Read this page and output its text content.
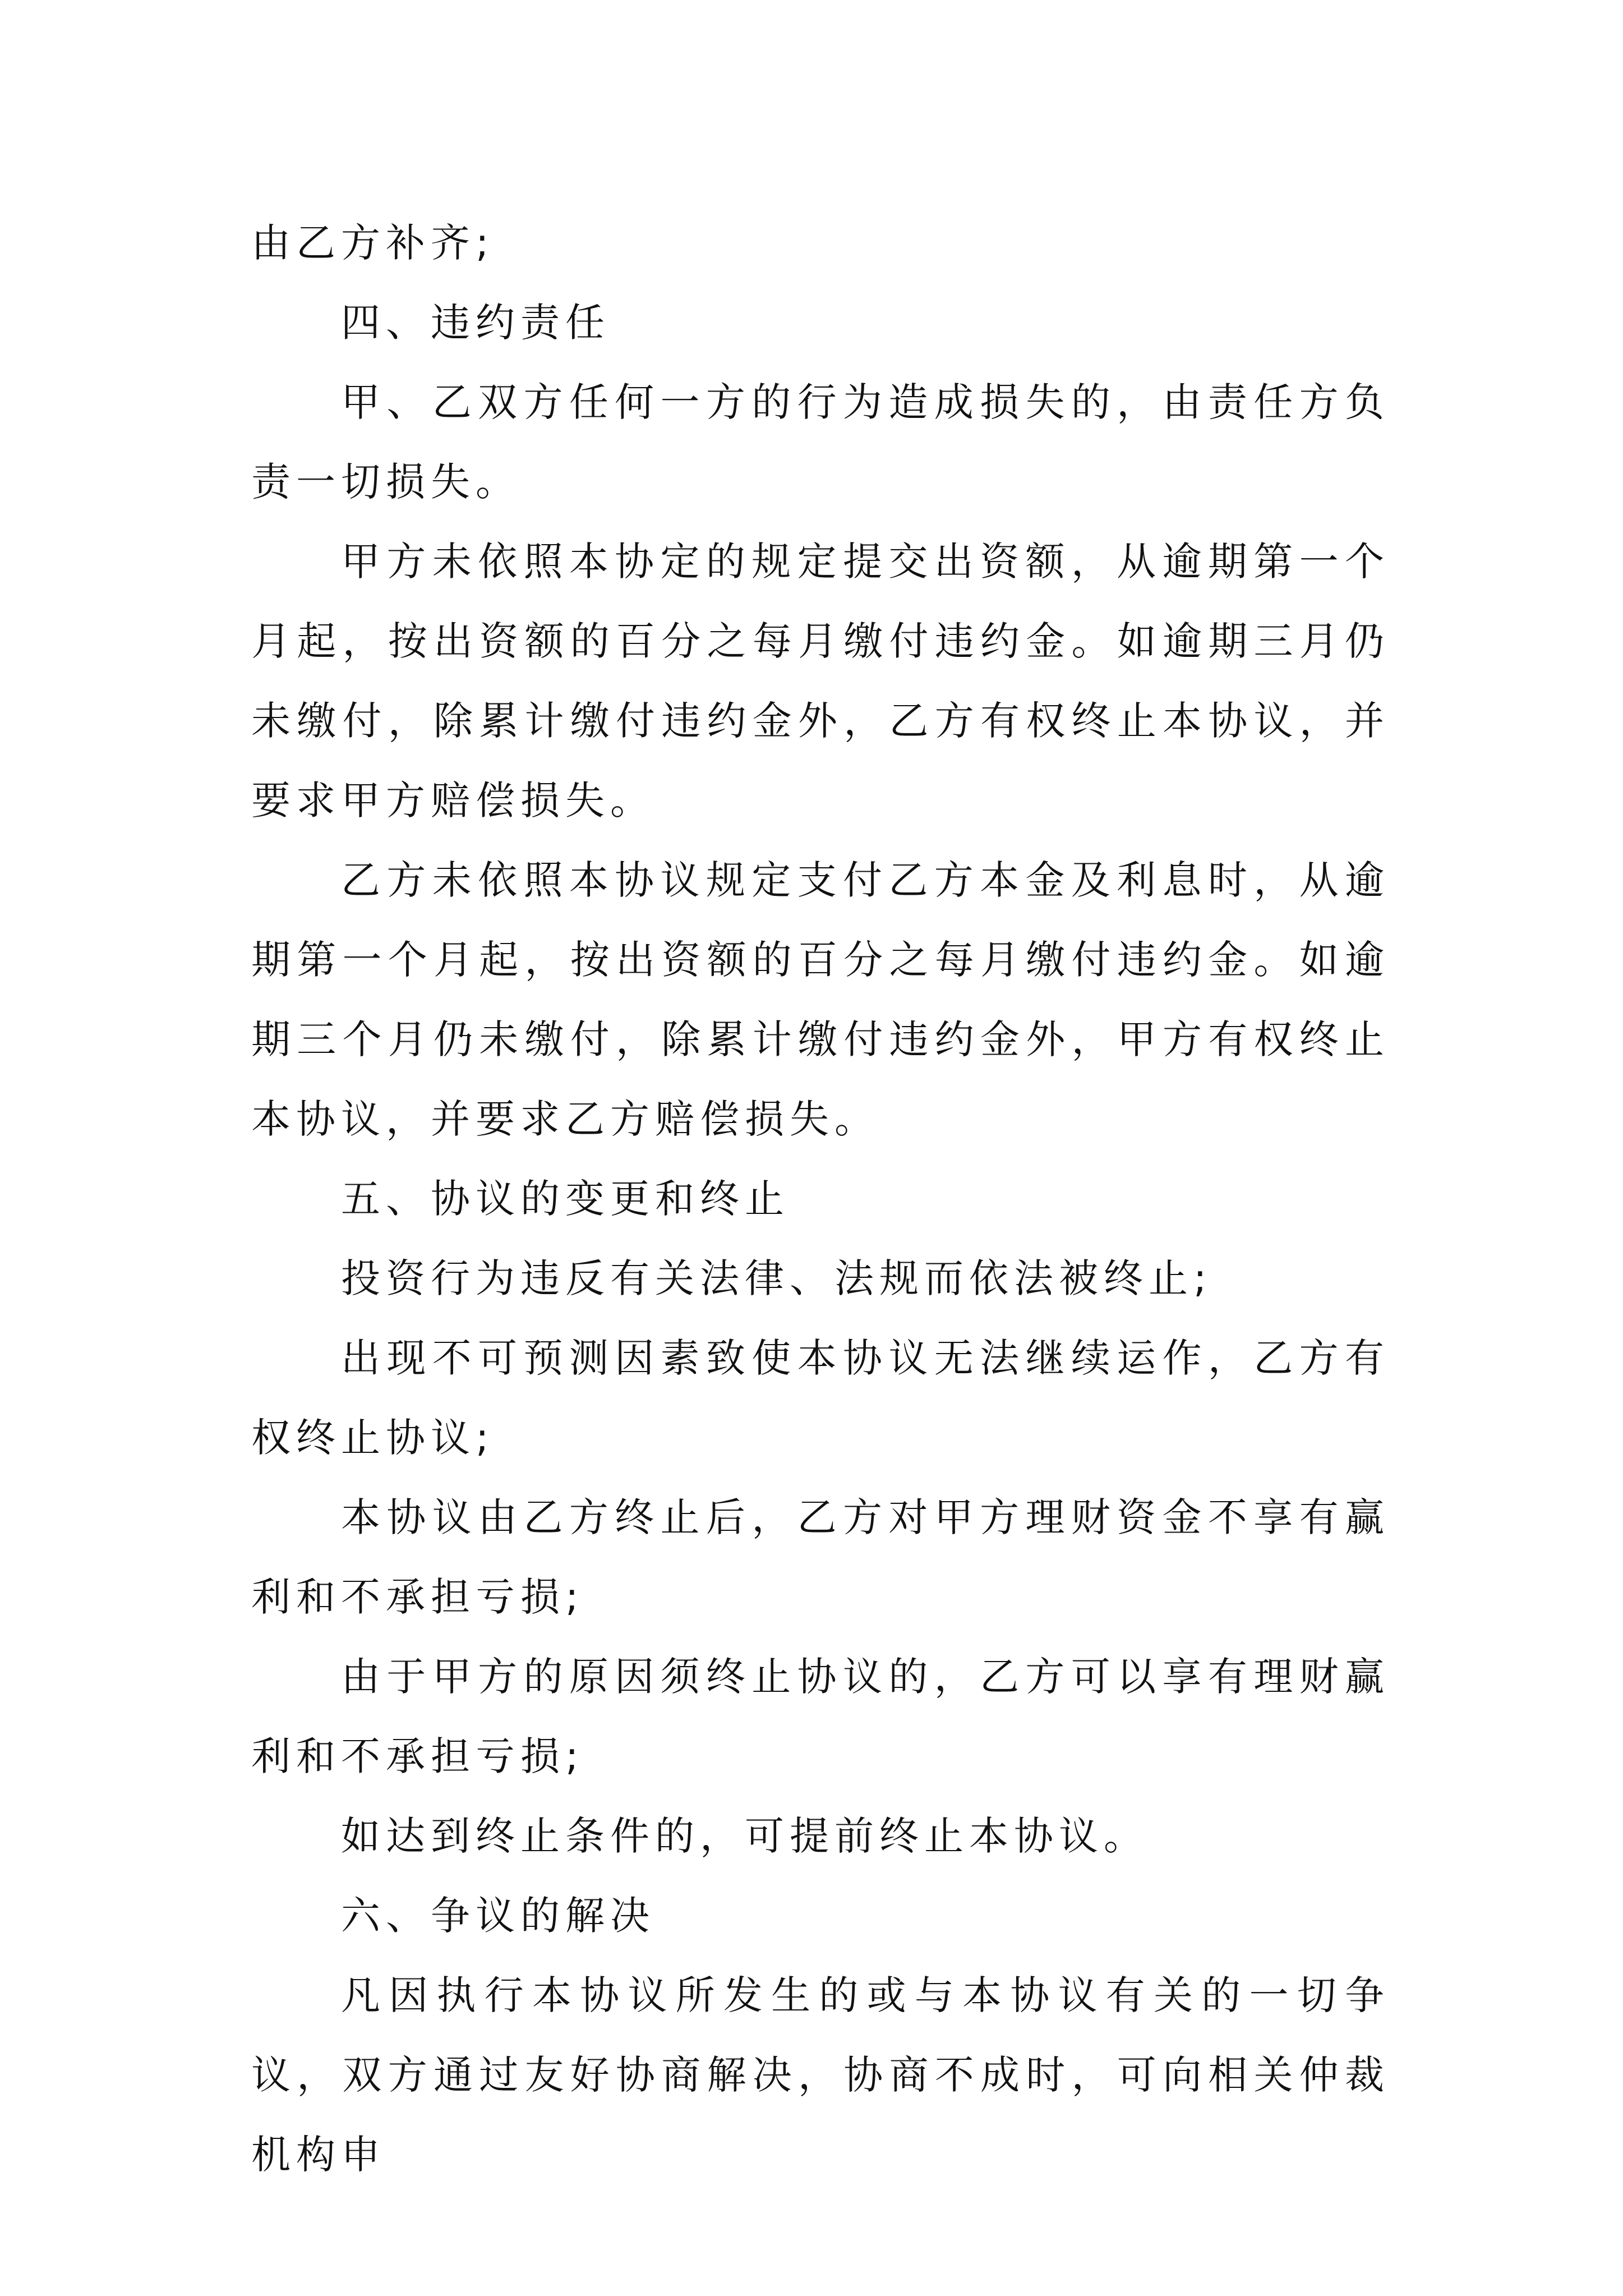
由乙方补齐;

四、违约责任

甲、乙双方任何一方的行为造成损失的，由责任方负责一切损失。

甲方未依照本协定的规定提交出资额，从逾期第一个月起，按出资额的百分之每月缴付违约金。如逾期三月仍未缴付，除累计缴付违约金外，乙方有权终止本协议，并要求甲方赔偿损失。

乙方未依照本协议规定支付乙方本金及利息时，从逾期第一个月起，按出资额的百分之每月缴付违约金。如逾期三个月仍未缴付，除累计缴付违约金外，甲方有权终止本协议，并要求乙方赔偿损失。

五、协议的变更和终止

投资行为违反有关法律、法规而依法被终止;

出现不可预测因素致使本协议无法继续运作，乙方有权终止协议;

本协议由乙方终止后，乙方对甲方理财资金不享有赢利和不承担亏损;

由于甲方的原因须终止协议的，乙方可以享有理财赢利和不承担亏损;

如达到终止条件的，可提前终止本协议。

六、争议的解决

凡因执行本协议所发生的或与本协议有关的一切争议，双方通过友好协商解决，协商不成时，可向相关仲裁机构申
